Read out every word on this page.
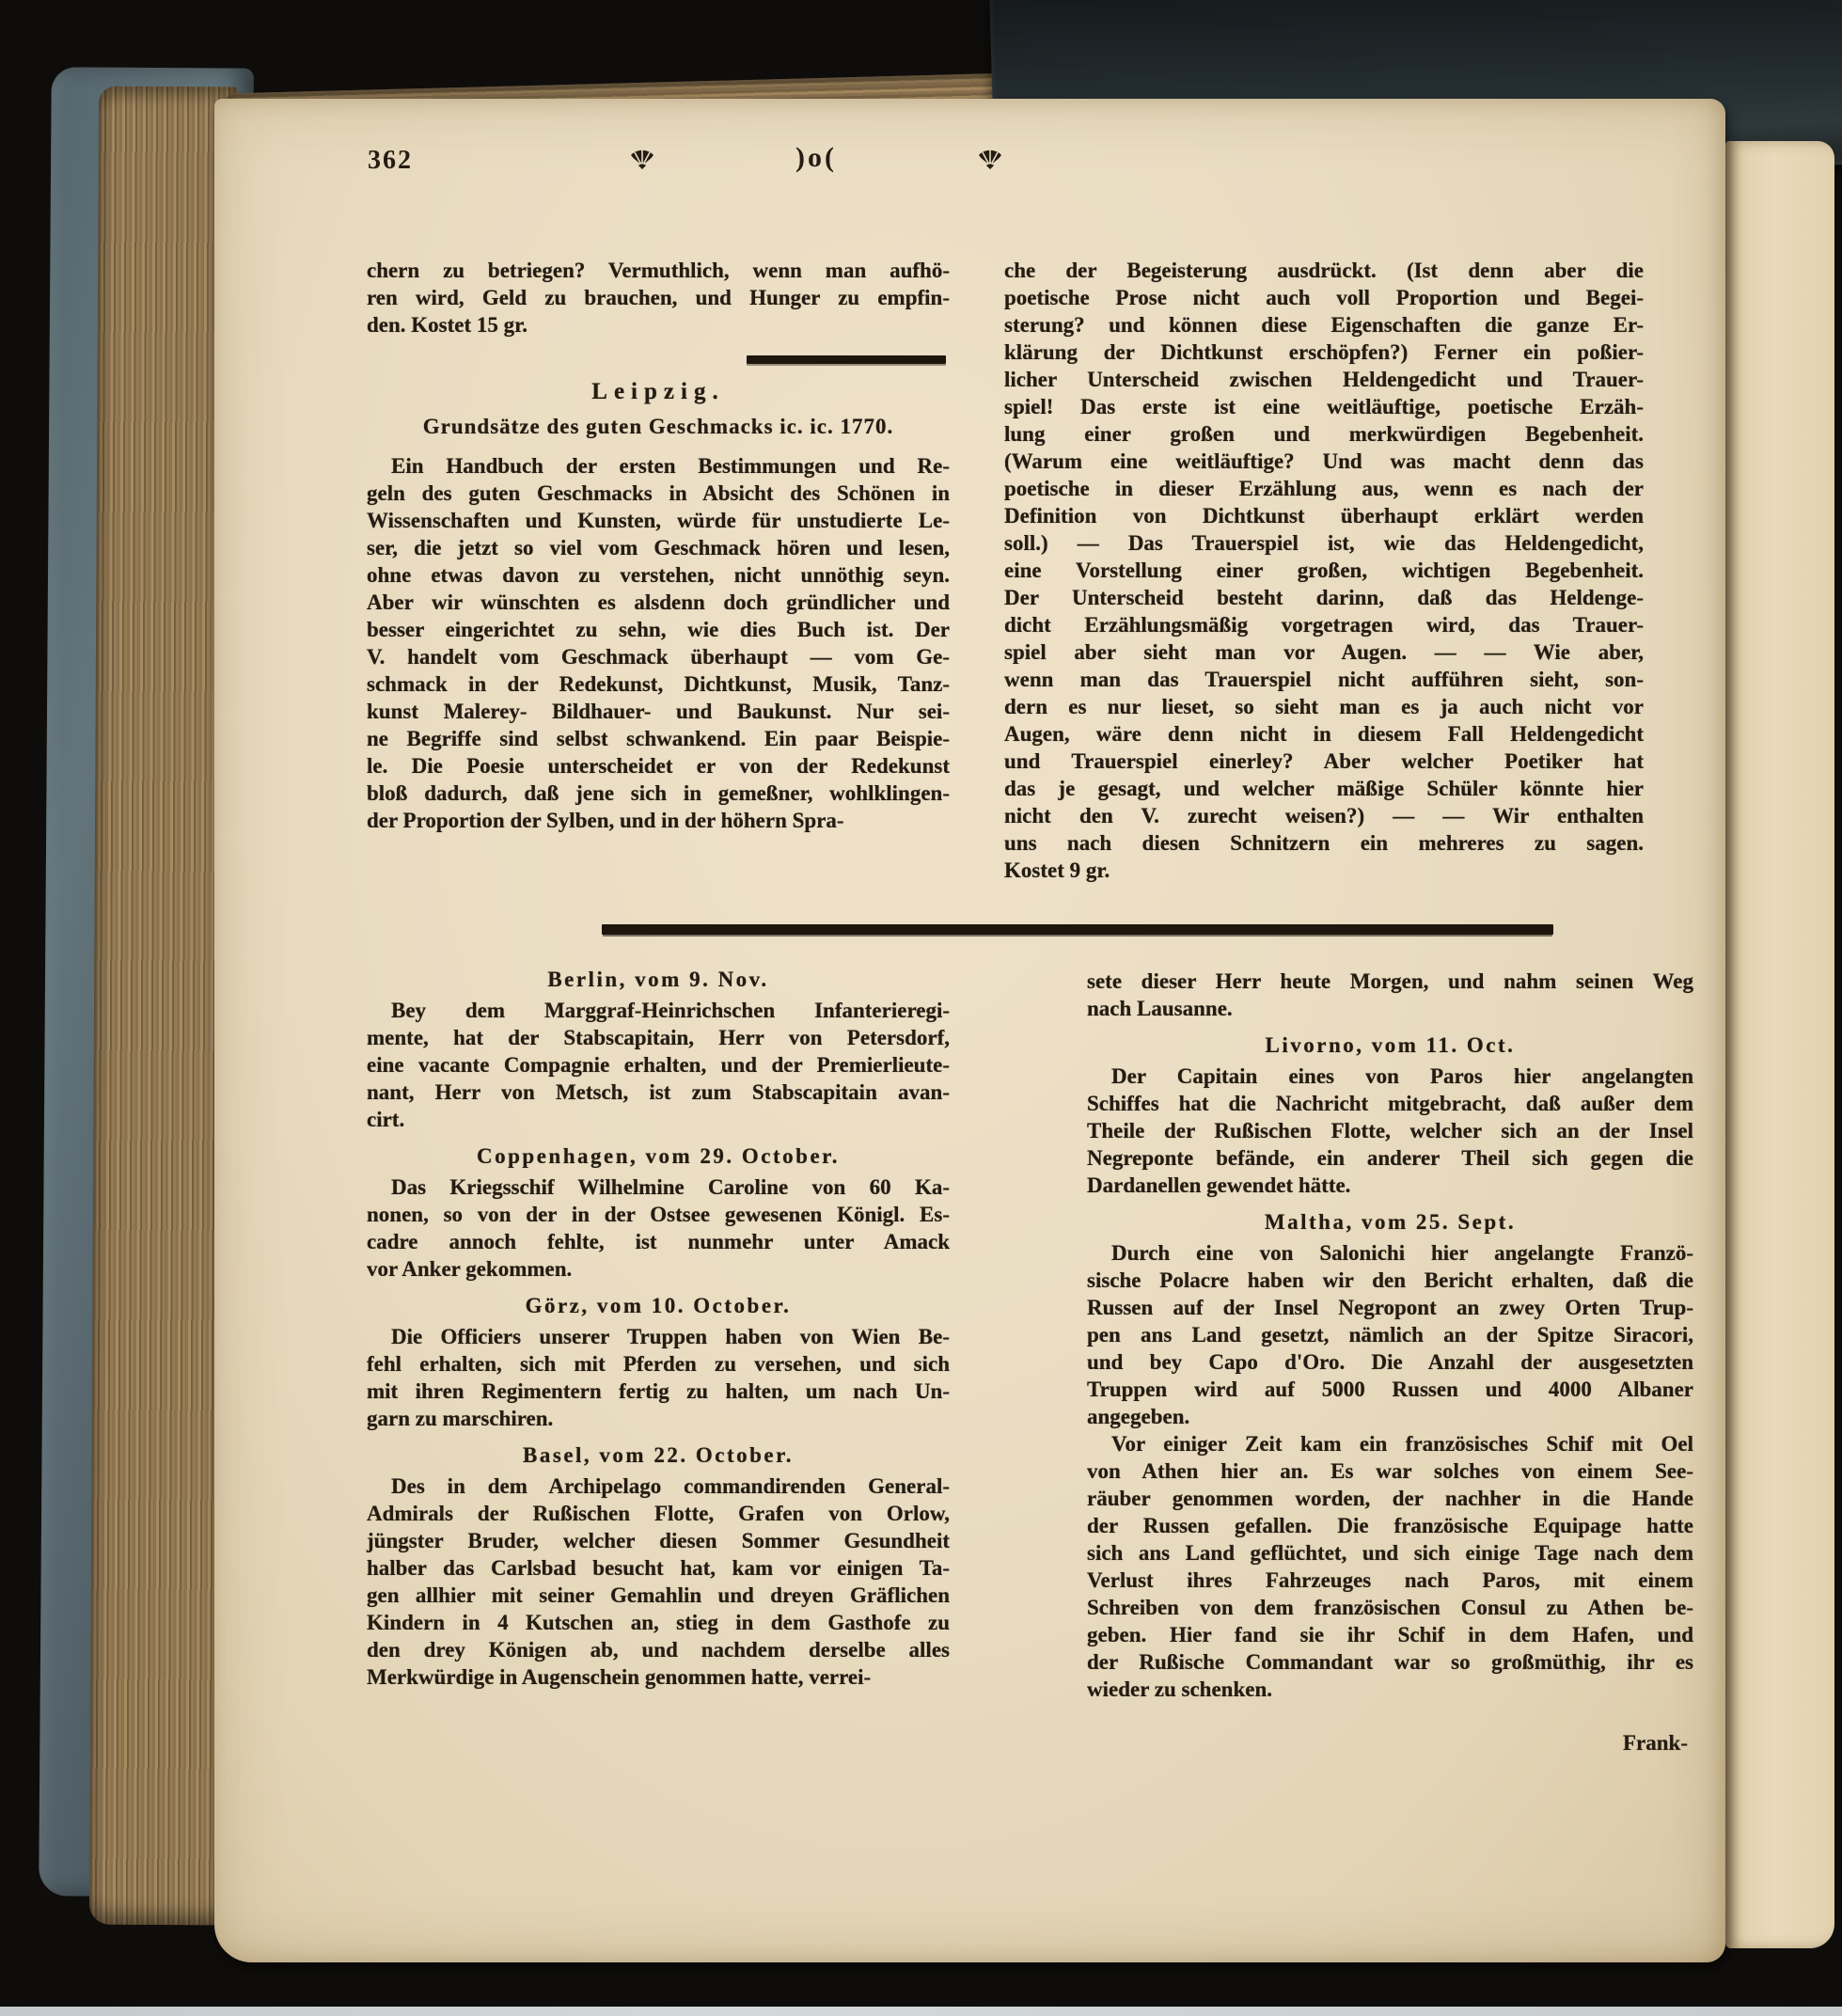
362	)o(
chern zu betriegen? Vermuthlich, wenn man aufhö-
ren wird, Geld zu brauchen, und Hunger zu empfin-
den. Kostet 15 gr.
Leipzig.
Grundsätze des guten Geschmacks ic. ic. 1770.
Ein Handbuch der ersten Bestimmungen und Re-
geln des guten Geschmacks in Absicht des Schönen in
Wissenschaften und Kunsten, würde für unstudierte Le-
ser, die jetzt so viel vom Geschmack hören und lesen,
ohne etwas davon zu verstehen, nicht unnöthig seyn.
Aber wir wünschten es alsdenn doch gründlicher und
besser eingerichtet zu sehn, wie dies Buch ist. Der
V. handelt vom Geschmack überhaupt — vom Ge-
schmack in der Redekunst, Dichtkunst, Musik, Tanz-
kunst Malerey- Bildhauer- und Baukunst. Nur sei-
ne Begriffe sind selbst schwankend. Ein paar Beispie-
le. Die Poesie unterscheidet er von der Redekunst
bloß dadurch, daß jene sich in gemeßner, wohlklingen-
der Proportion der Sylben, und in der höhern Spra-
che der Begeisterung ausdrückt. (Ist denn aber die
poetische Prose nicht auch voll Proportion und Begei-
sterung? und können diese Eigenschaften die ganze Er-
klärung der Dichtkunst erschöpfen?) Ferner ein poßier-
licher Unterscheid zwischen Heldengedicht und Trauer-
spiel! Das erste ist eine weitläuftige, poetische Erzäh-
lung einer großen und merkwürdigen Begebenheit.
(Warum eine weitläuftige? Und was macht denn das
poetische in dieser Erzählung aus, wenn es nach der
Definition von Dichtkunst überhaupt erklärt werden
soll.) — Das Trauerspiel ist, wie das Heldengedicht,
eine Vorstellung einer großen, wichtigen Begebenheit.
Der Unterscheid besteht darinn, daß das Heldenge-
dicht Erzählungsmäßig vorgetragen wird, das Trauer-
spiel aber sieht man vor Augen. — — Wie aber,
wenn man das Trauerspiel nicht aufführen sieht, son-
dern es nur lieset, so sieht man es ja auch nicht vor
Augen, wäre denn nicht in diesem Fall Heldengedicht
und Trauerspiel einerley? Aber welcher Poetiker hat
das je gesagt, und welcher mäßige Schüler könnte hier
nicht den V. zurecht weisen?) — — Wir enthalten
uns nach diesen Schnitzern ein mehreres zu sagen.
Kostet 9 gr.
Berlin, vom 9. Nov.
Bey dem Marggraf-Heinrichschen Infanterieregi-
mente, hat der Stabscapitain, Herr von Petersdorf,
eine vacante Compagnie erhalten, und der Premierlieute-
nant, Herr von Metsch, ist zum Stabscapitain avan-
cirt.
Coppenhagen, vom 29. October.
Das Kriegsschif Wilhelmine Caroline von 60 Ka-
nonen, so von der in der Ostsee gewesenen Königl. Es-
cadre annoch fehlte, ist nunmehr unter Amack
vor Anker gekommen.
Görz, vom 10. October.
Die Officiers unserer Truppen haben von Wien Be-
fehl erhalten, sich mit Pferden zu versehen, und sich
mit ihren Regimentern fertig zu halten, um nach Un-
garn zu marschiren.
Basel, vom 22. October.
Des in dem Archipelago commandirenden General-
Admirals der Rußischen Flotte, Grafen von Orlow,
jüngster Bruder, welcher diesen Sommer Gesundheit
halber das Carlsbad besucht hat, kam vor einigen Ta-
gen allhier mit seiner Gemahlin und dreyen Gräflichen
Kindern in 4 Kutschen an, stieg in dem Gasthofe zu
den drey Königen ab, und nachdem derselbe alles
Merkwürdige in Augenschein genommen hatte, verrei-
sete dieser Herr heute Morgen, und nahm seinen Weg
nach Lausanne.
Livorno, vom 11. Oct.
Der Capitain eines von Paros hier angelangten
Schiffes hat die Nachricht mitgebracht, daß außer dem
Theile der Rußischen Flotte, welcher sich an der Insel
Negreponte befände, ein anderer Theil sich gegen die
Dardanellen gewendet hätte.
Maltha, vom 25. Sept.
Durch eine von Salonichi hier angelangte Franzö-
sische Polacre haben wir den Bericht erhalten, daß die
Russen auf der Insel Negropont an zwey Orten Trup-
pen ans Land gesetzt, nämlich an der Spitze Siracori,
und bey Capo d'Oro. Die Anzahl der ausgesetzten
Truppen wird auf 5000 Russen und 4000 Albaner
angegeben.
Vor einiger Zeit kam ein französisches Schif mit Oel
von Athen hier an. Es war solches von einem See-
räuber genommen worden, der nachher in die Hande
der Russen gefallen. Die französische Equipage hatte
sich ans Land geflüchtet, und sich einige Tage nach dem
Verlust ihres Fahrzeuges nach Paros, mit einem
Schreiben von dem französischen Consul zu Athen be-
geben. Hier fand sie ihr Schif in dem Hafen, und
der Rußische Commandant war so großmüthig, ihr es
wieder zu schenken.
Frank-
